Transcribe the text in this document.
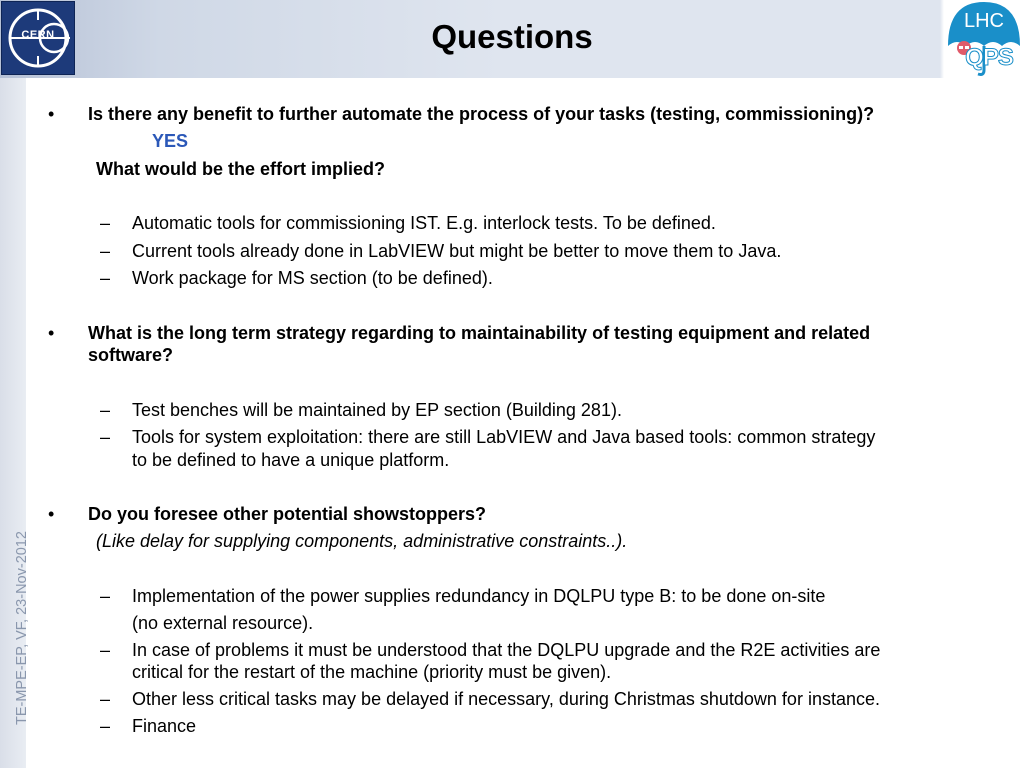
CERN	Questions	LHC
QPS
TE-MPE-EP, VF, 23-Nov-2012
• Is there any benefit to further automate the process of your tasks (testing, commissioning)?
YES
What would be the effort implied?
– Automatic tools for commissioning IST. E.g. interlock tests. To be defined.
– Current tools already done in LabVIEW but might be better to move them to Java.
– Work package for MS section (to be defined).
• What is the long term strategy regarding to maintainability of testing equipment and related
software?
– Test benches will be maintained by EP section (Building 281).
– Tools for system exploitation: there are still LabVIEW and Java based tools: common strategy
to be defined to have a unique platform.
• Do you foresee other potential showstoppers?
(Like delay for supplying components, administrative constraints..).
– Implementation of the power supplies redundancy in DQLPU type B: to be done on-site
(no external resource).
– In case of problems it must be understood that the DQLPU upgrade and the R2E activities are
critical for the restart of the machine (priority must be given).
– Other less critical tasks may be delayed if necessary, during Christmas shutdown for instance.
– Finance
